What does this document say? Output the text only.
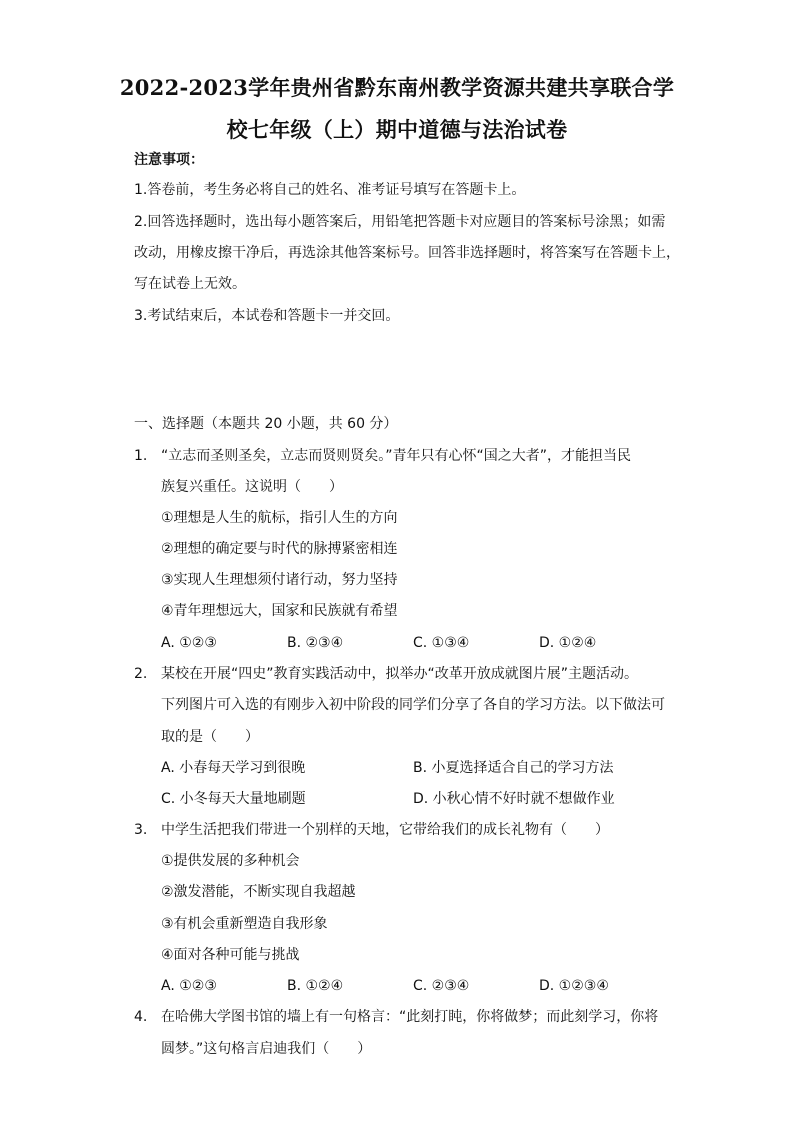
2022-2023学年贵州省黔东南州教学资源共建共享联合学
校七年级（上）期中道德与法治试卷
注意事项：
1.答卷前，考生务必将自己的姓名、准考证号填写在答题卡上。
2.回答选择题时，选出每小题答案后，用铅笔把答题卡对应题目的答案标号涂黑；如需
改动，用橡皮擦干净后，再选涂其他答案标号。回答非选择题时，将答案写在答题卡上，
写在试卷上无效。
3.考试结束后，本试卷和答题卡一并交回。
一、选择题（本题共 20 小题，共 60 分）
1. “立志而圣则圣矣，立志而贤则贤矣。”青年只有心怀“国之大者”，才能担当民
族复兴重任。这说明（　　）
①理想是人生的航标，指引人生的方向
②理想的确定要与时代的脉搏紧密相连
③实现人生理想须付诸行动，努力坚持
④青年理想远大，国家和民族就有希望
A. ①②③	B. ②③④	C. ①③④	D. ①②④
2. 某校在开展“四史”教育实践活动中，拟举办“改革开放成就图片展”主题活动。
下列图片可入选的有刚步入初中阶段的同学们分享了各自的学习方法。以下做法可
取的是（　　）
A. 小春每天学习到很晚	B. 小夏选择适合自己的学习方法
C. 小冬每天大量地刷题	D. 小秋心情不好时就不想做作业
3. 中学生活把我们带进一个别样的天地，它带给我们的成长礼物有（　　）
①提供发展的多种机会
②激发潜能，不断实现自我超越
③有机会重新塑造自我形象
④面对各种可能与挑战
A. ①②③	B. ①②④	C. ②③④	D. ①②③④
4. 在哈佛大学图书馆的墙上有一句格言：“此刻打盹，你将做梦；而此刻学习，你将
圆梦。”这句格言启迪我们（　　）
